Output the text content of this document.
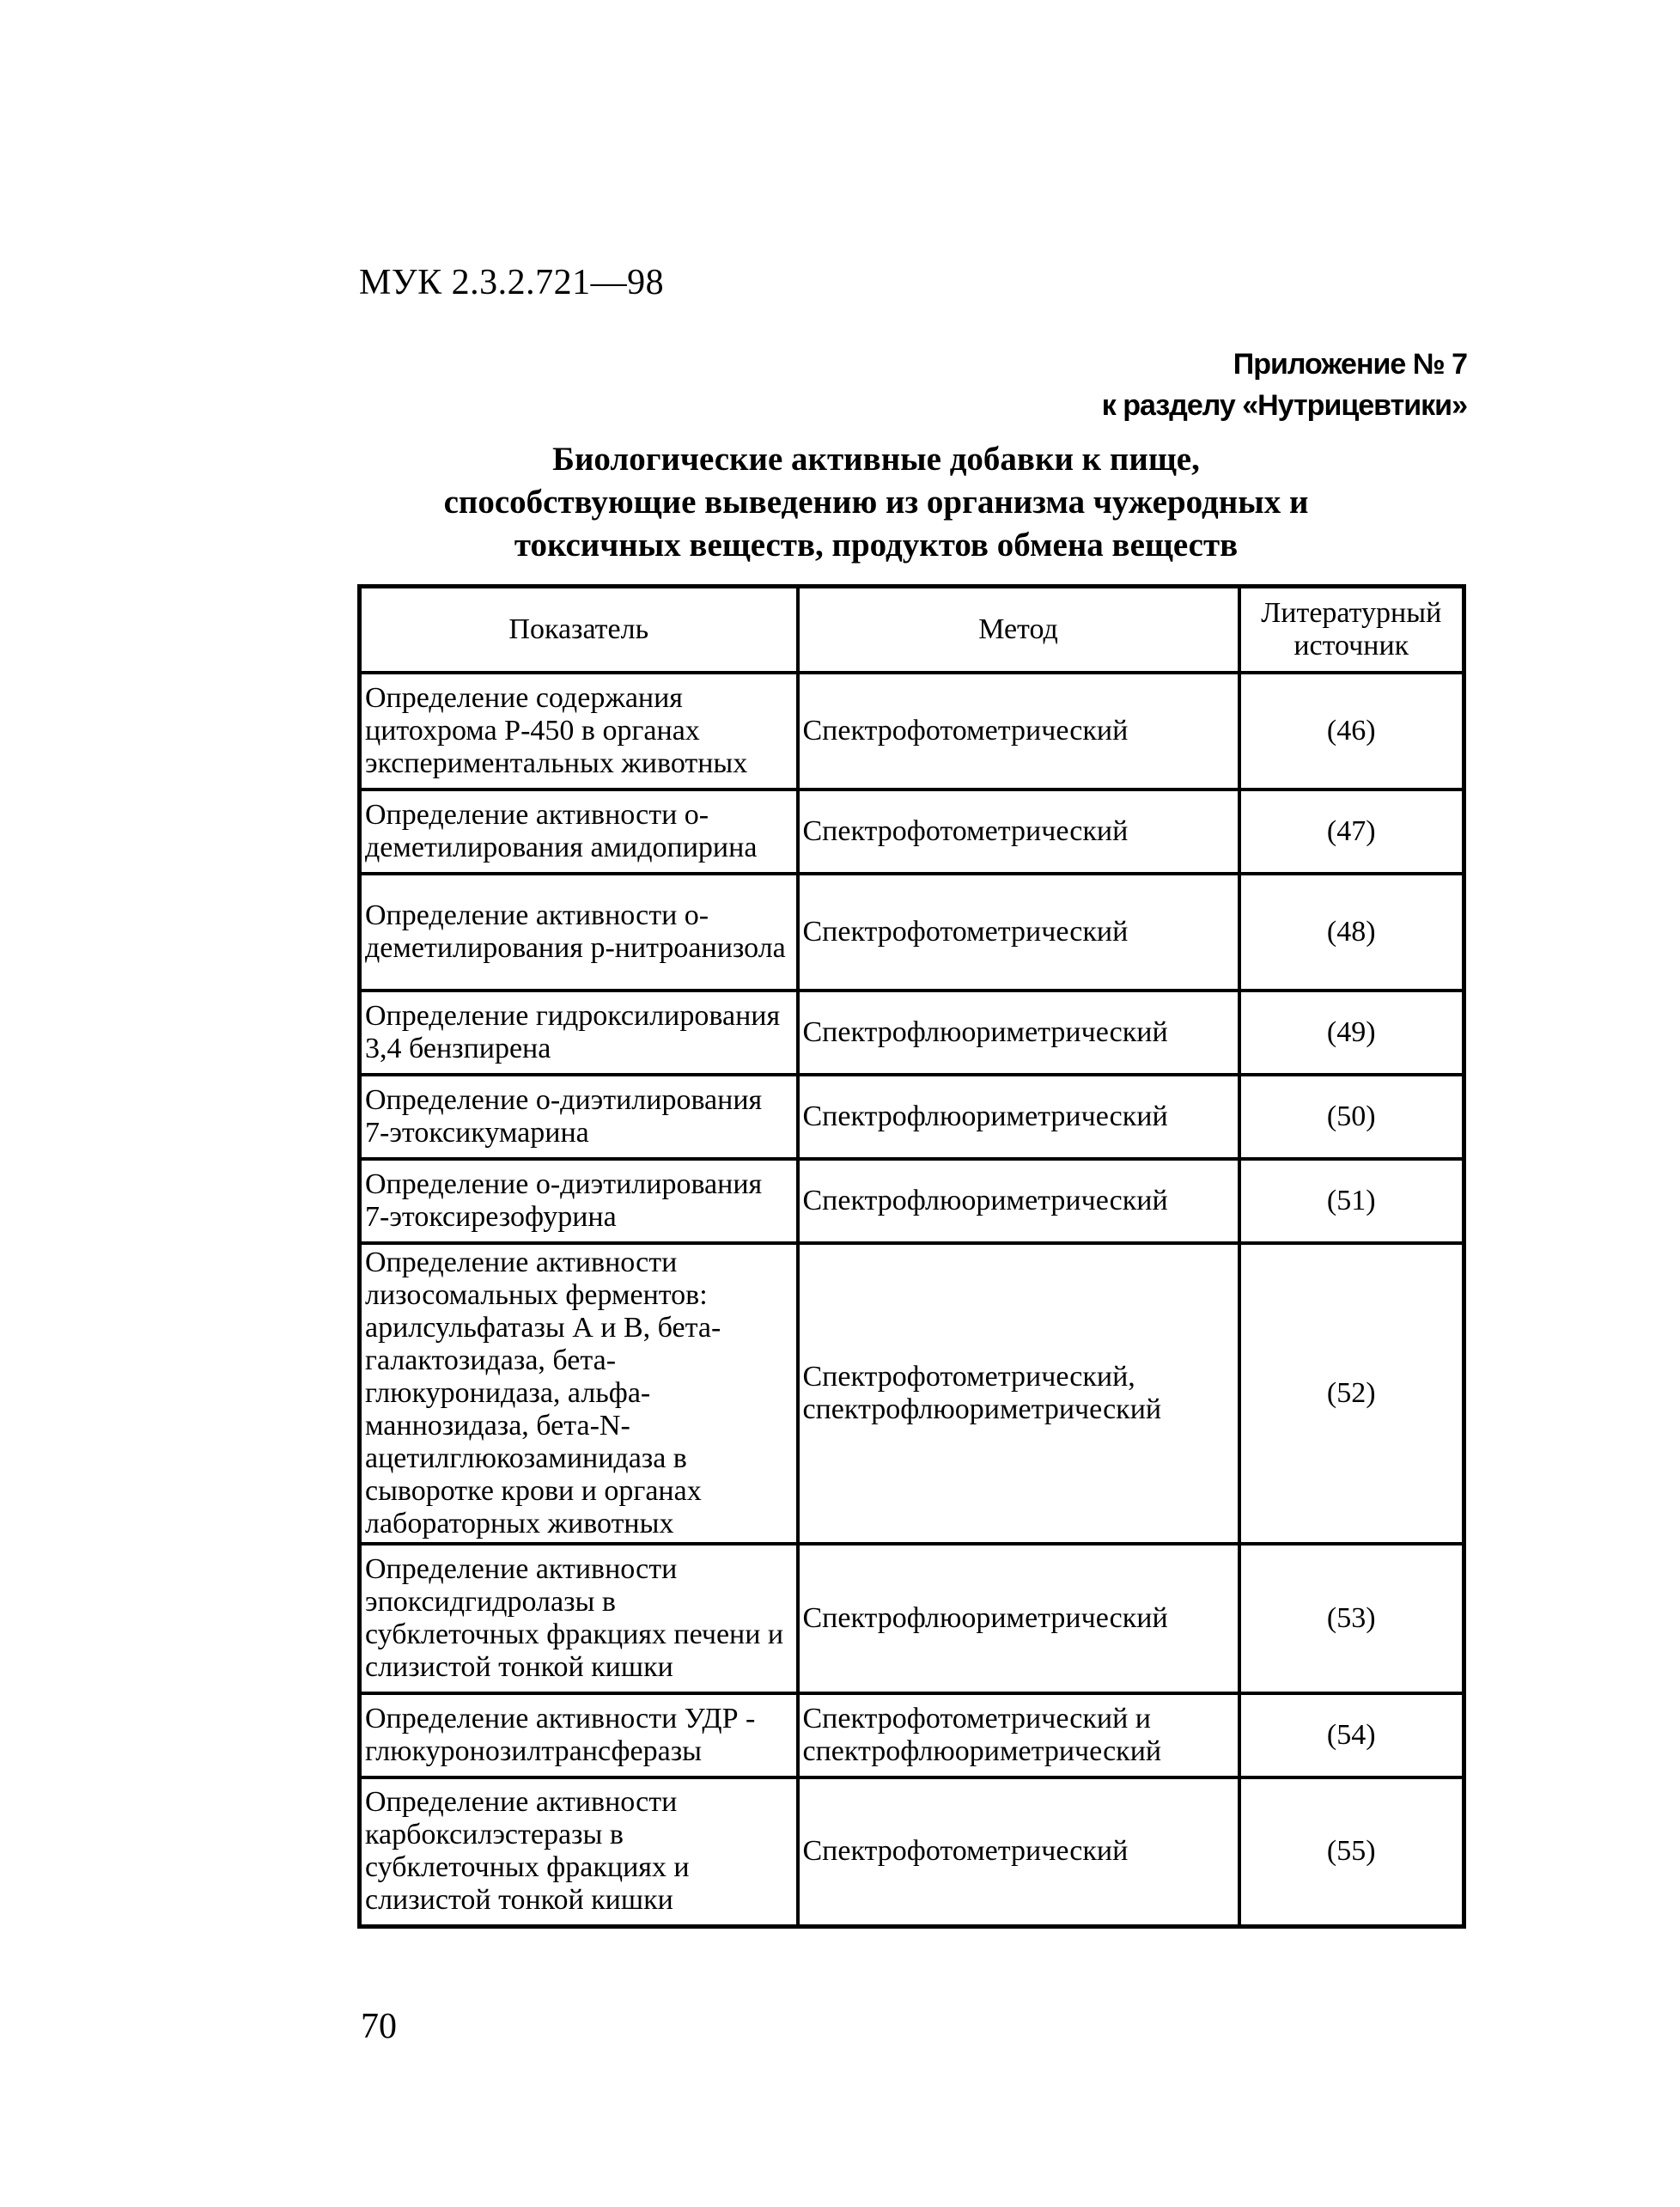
МУК 2.3.2.721—98
Приложение № 7
к разделу «Нутрицевтики»
Биологические активные добавки к пище,
способствующие выведению из организма чужеродных и
токсичных веществ, продуктов обмена веществ
Показатель	Метод	Литературный источник
Определение содержания цитохрома Р-450 в органах экспериментальных животных	Спектрофотометрический	(46)
Определение активности о-деметилирования амидопирина	Спектрофотометрический	(47)
Определение активности о-деметилирования р-нитроанизола	Спектрофотометрический	(48)
Определение гидроксилирования 3,4 бензпирена	Спектрофлюориметрический	(49)
Определение о-диэтилирования 7-этоксикумарина	Спектрофлюориметрический	(50)
Определение о-диэтилирования 7-этоксирезофурина	Спектрофлюориметрический	(51)
Определение активности лизосомальных ферментов: арилсульфатазы А и В, бета-галактозидаза, бета-глюкуронидаза, альфа-маннозидаза, бета-N-ацетилглюкозаминидаза в сыворотке крови и органах лабораторных животных	Спектрофотометрический, спектрофлюориметрический	(52)
Определение активности эпоксидгидролазы в субклеточных фракциях печени и слизистой тонкой кишки	Спектрофлюориметрический	(53)
Определение активности УДР - глюкуронозилтрансферазы	Спектрофотометрический и спектрофлюориметрический	(54)
Определение активности карбоксилэстеразы в субклеточных фракциях и слизистой тонкой кишки	Спектрофотометрический	(55)
70
